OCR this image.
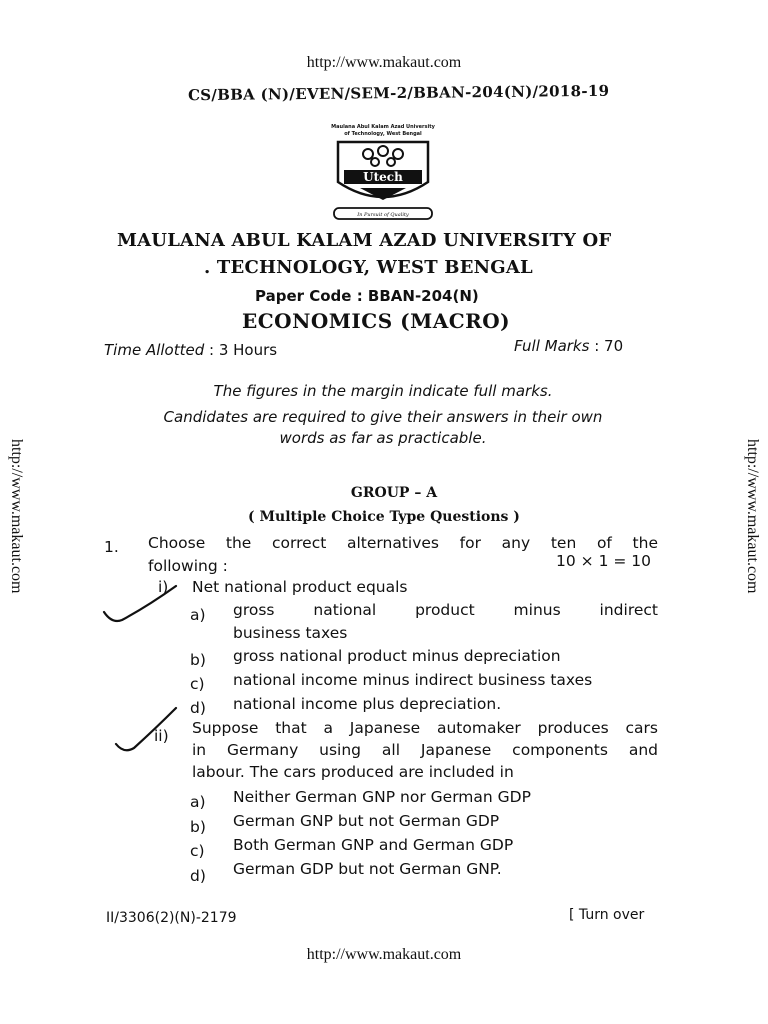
http://www.makaut.com
http://www.makaut.com	http://www.makaut.com
CS/BBA (N)/EVEN/SEM-2/BBAN-204(N)/2018-19
Maulana Abul Kalam Azad University
of Technology, West Bengal
Utech
In Pursuit of Quality
MAULANA ABUL KALAM AZAD UNIVERSITY OF
. TECHNOLOGY, WEST BENGAL
Paper Code : BBAN-204(N)
ECONOMICS (MACRO)
Time Allotted : 3 Hours	Full Marks : 70
The figures in the margin indicate full marks.
Candidates are required to give their answers in their own
words as far as practicable.
GROUP – A
( Multiple Choice Type Questions )
1. Choose the correct alternatives for any ten of the
following :	10 × 1 = 10
i) Net national product equals
a) gross national product minus indirect
business taxes
b) gross national product minus depreciation
c) national income minus indirect business taxes
d) national income plus depreciation.
ii) Suppose that a Japanese automaker produces cars
in Germany using all Japanese components and
labour. The cars produced are included in
a) Neither German GNP nor German GDP
b) German GNP but not German GDP
c) Both German GNP and German GDP
d) German GDP but not German GNP.
II/3306(2)(N)-2179	[ Turn over
http://www.makaut.com
